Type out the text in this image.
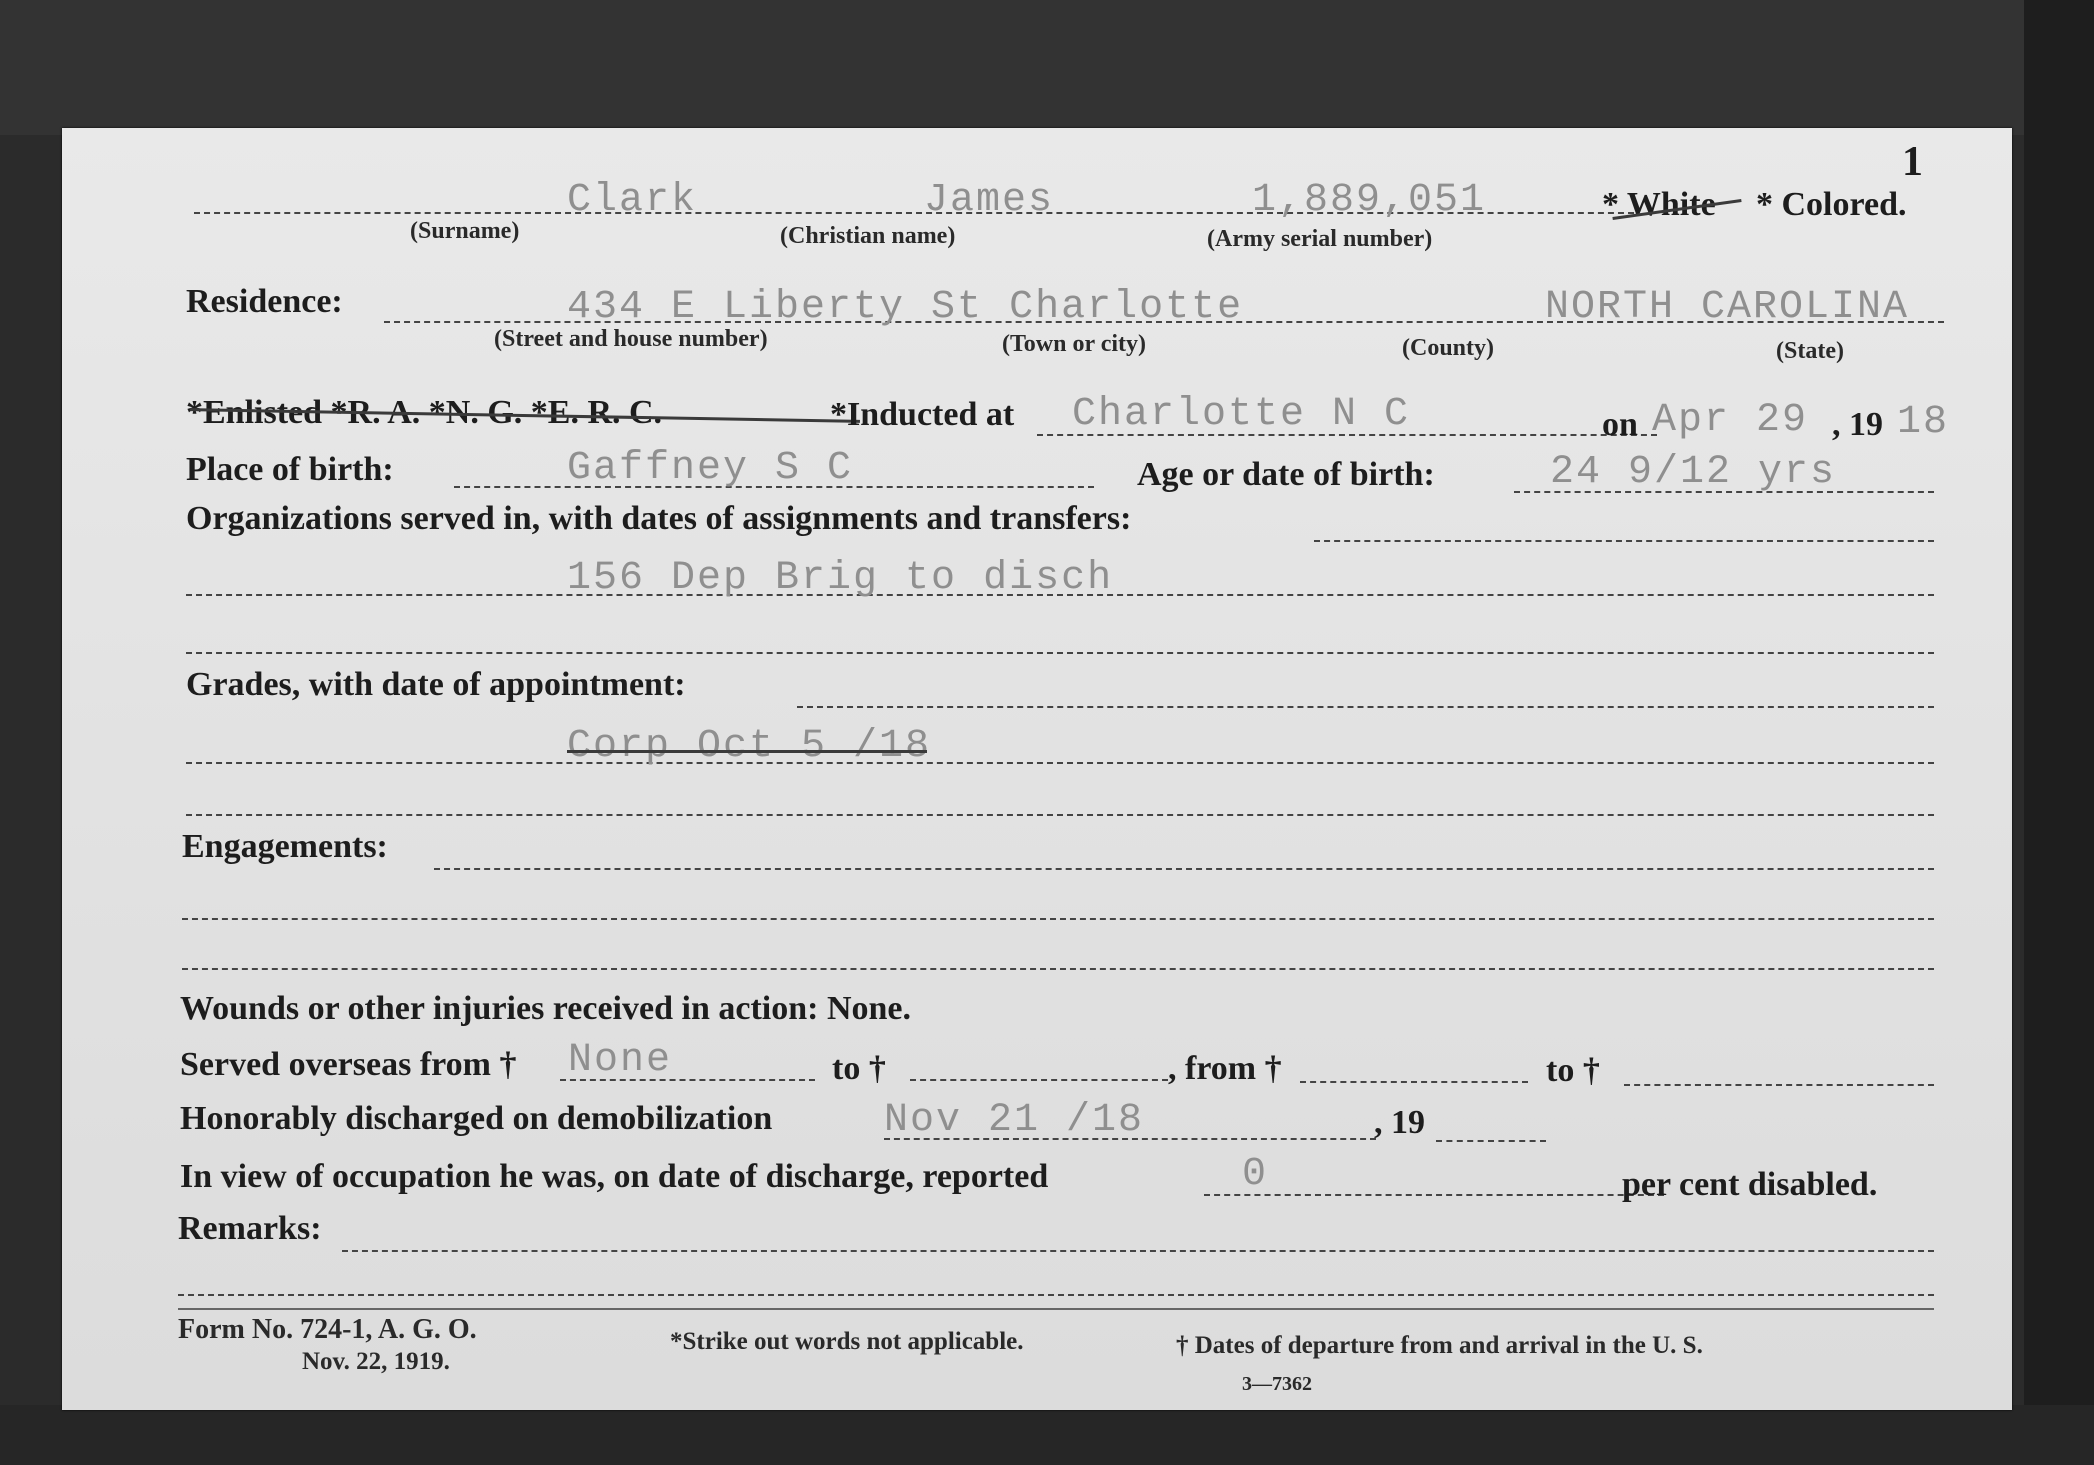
1
Clark	James	1,889,051	* White * Colored.
(Surname)	(Christian name)	(Army serial number)
Residence:	434 E Liberty St Charlotte	NORTH CAROLINA
(Street and house number)	(Town or city)	(County)	(State)
*Enlisted *R. A. *N. G. *E. R. C.	*Inducted at Charlotte N C	on Apr 29 , 19 18
Place of birth:	Gaffney S C	Age or date of birth:	24 9/12 yrs
Organizations served in, with dates of assignments and transfers:
156 Dep Brig to disch
Grades, with date of appointment:
Corp Oct 5 /18
Engagements:
Wounds or other injuries received in action: None.
Served overseas from † None	to †	, from †	to †
Honorably discharged on demobilization	Nov 21 /18	, 19
In view of occupation he was, on date of discharge, reported	0	per cent disabled.
Remarks:
Form No. 724-1, A. G. O.
Nov. 22, 1919.
*Strike out words not applicable.	† Dates of departure from and arrival in the U. S.
3—7362
